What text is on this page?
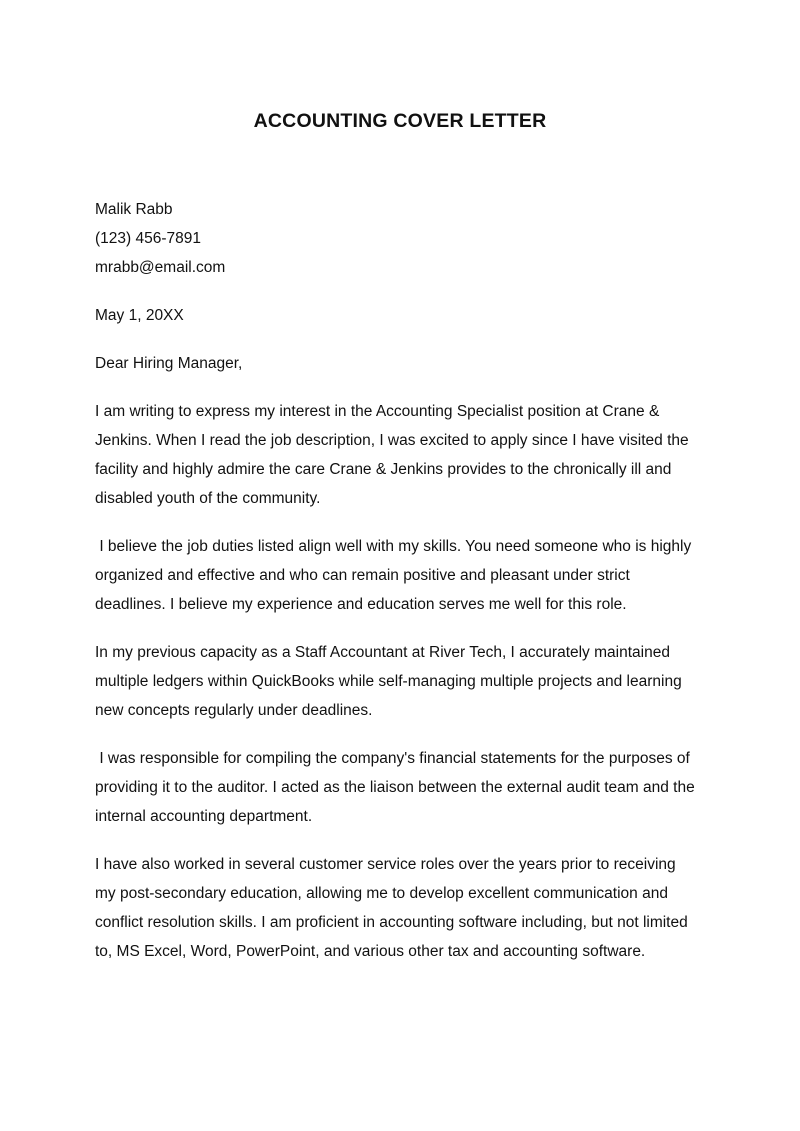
ACCOUNTING COVER LETTER
Malik Rabb
(123) 456-7891
mrabb@email.com
May 1, 20XX
Dear Hiring Manager,

I am writing to express my interest in the Accounting Specialist position at Crane & Jenkins. When I read the job description, I was excited to apply since I have visited the facility and highly admire the care Crane & Jenkins provides to the chronically ill and disabled youth of the community.

I believe the job duties listed align well with my skills. You need someone who is highly organized and effective and who can remain positive and pleasant under strict deadlines. I believe my experience and education serves me well for this role.

In my previous capacity as a Staff Accountant at River Tech, I accurately maintained multiple ledgers within QuickBooks while self-managing multiple projects and learning new concepts regularly under deadlines.

I was responsible for compiling the company's financial statements for the purposes of providing it to the auditor. I acted as the liaison between the external audit team and the internal accounting department.

I have also worked in several customer service roles over the years prior to receiving my post-secondary education, allowing me to develop excellent communication and conflict resolution skills. I am proficient in accounting software including, but not limited to, MS Excel, Word, PowerPoint, and various other tax and accounting software.
